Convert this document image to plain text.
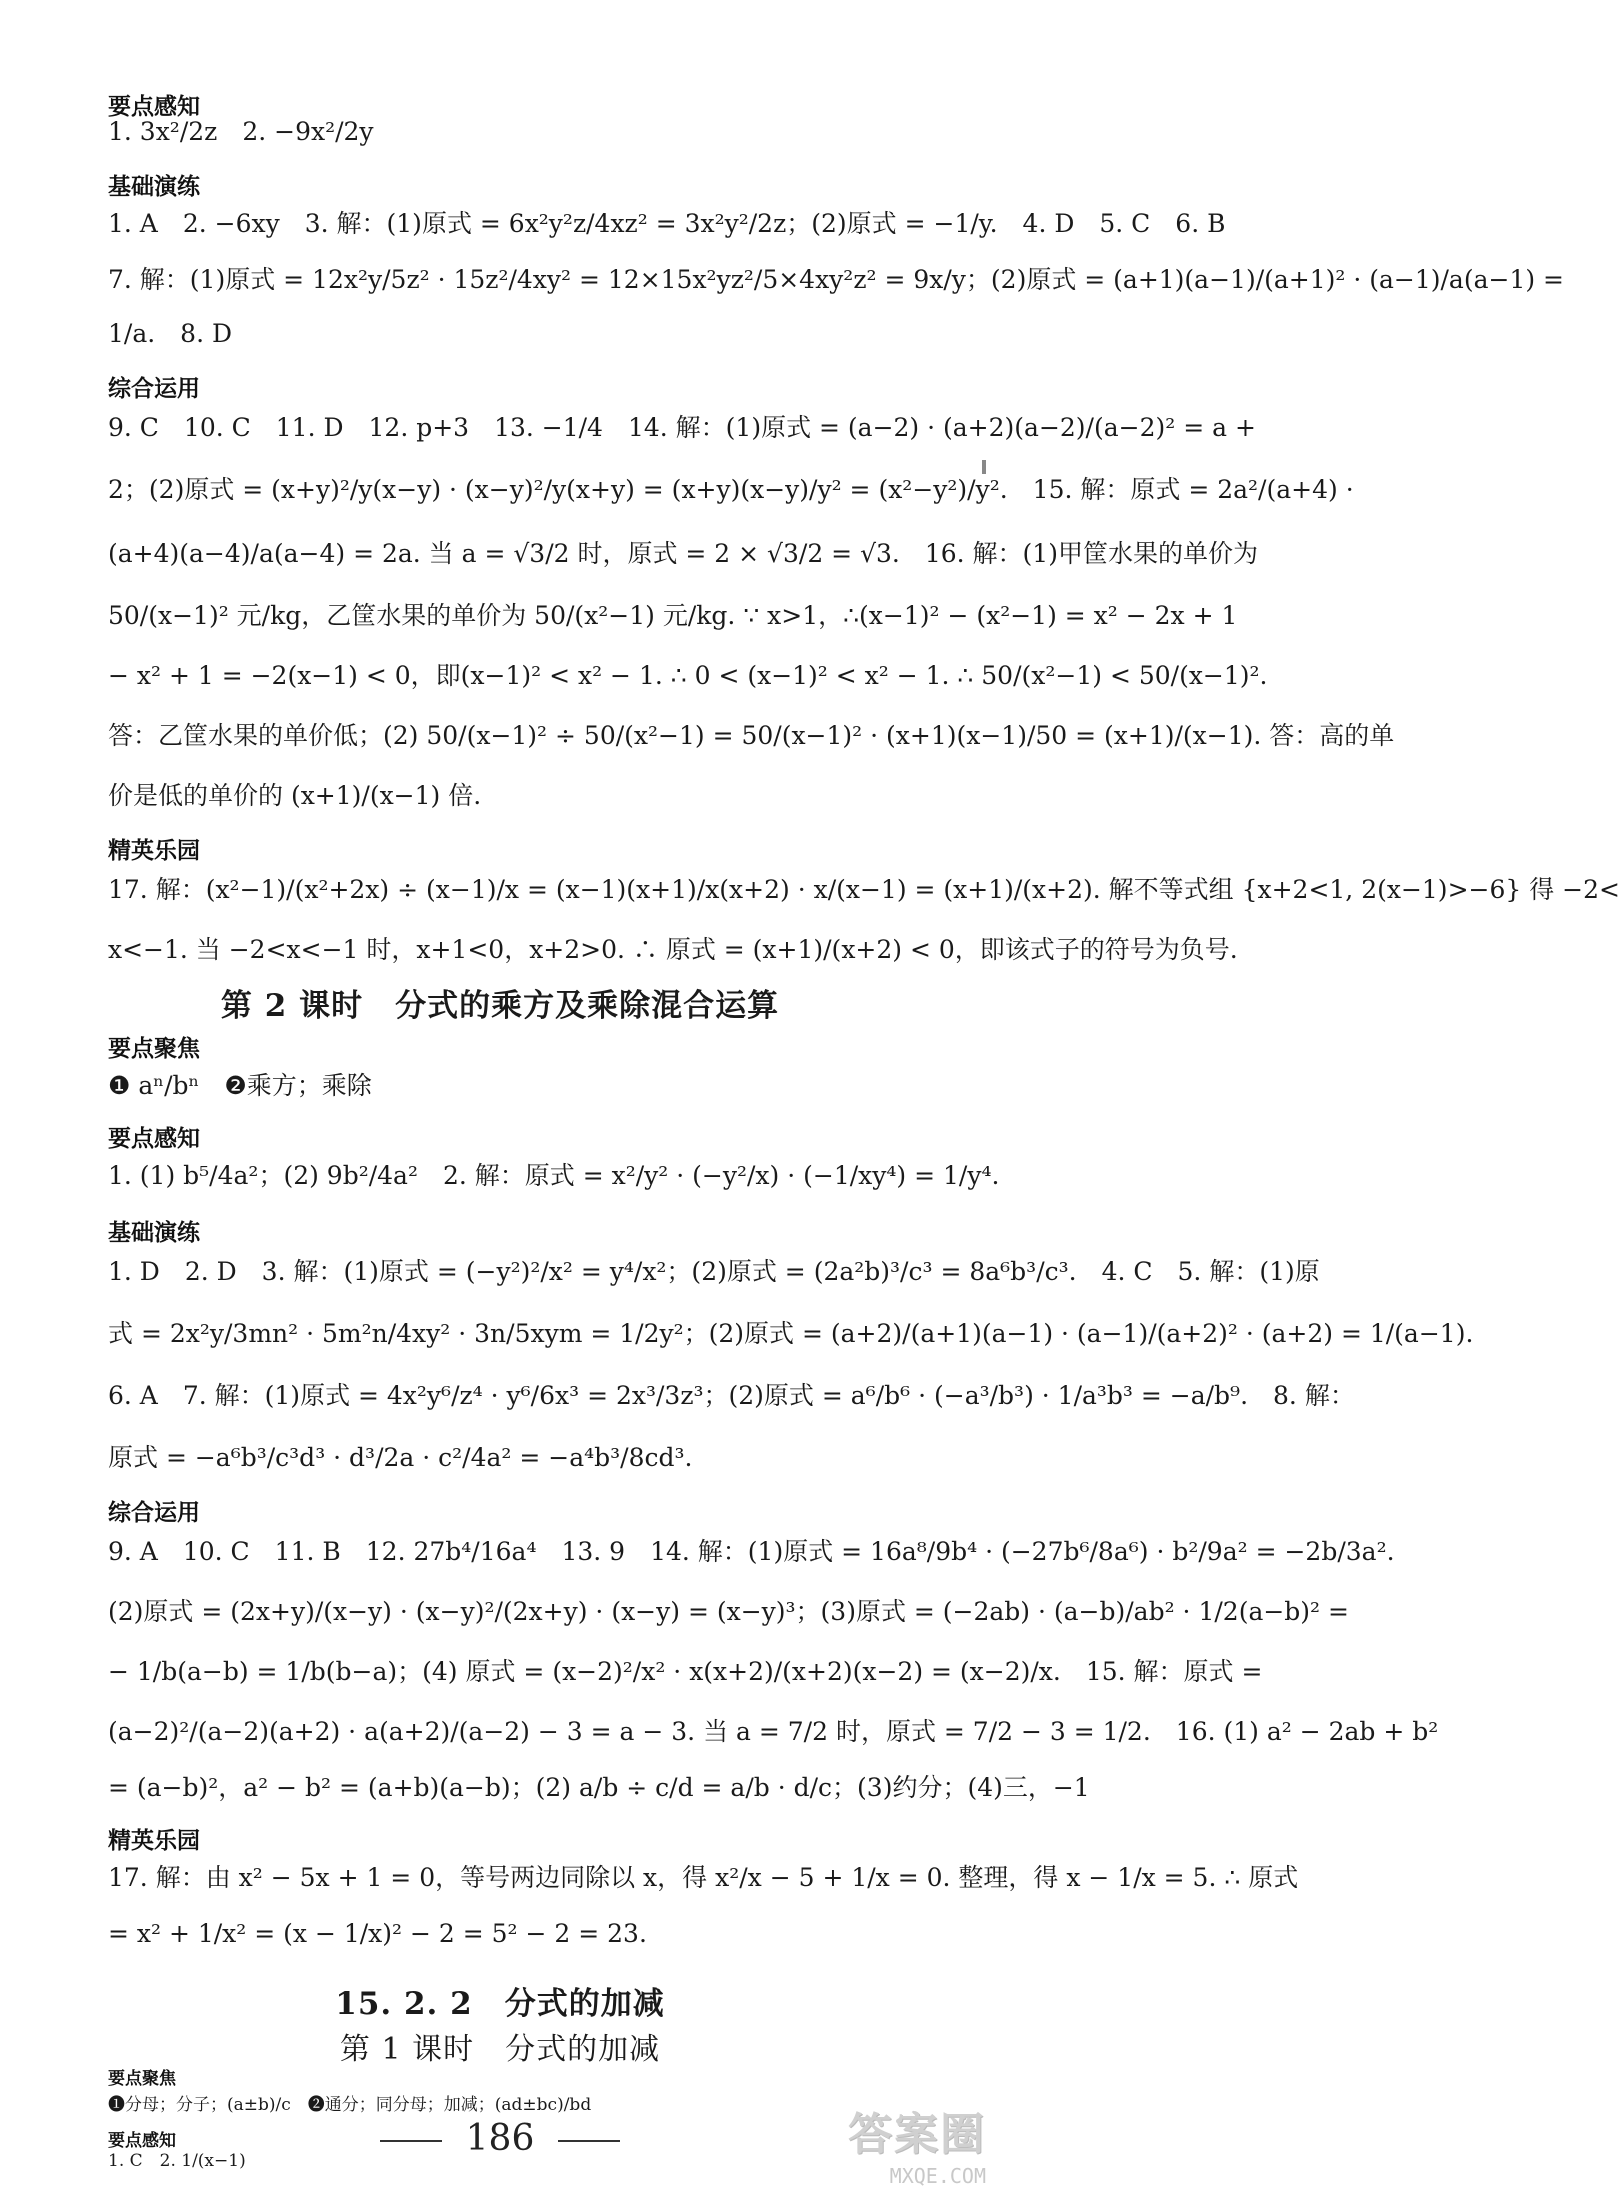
要点感知
1. 3x²/2z　2. −9x²/2y
基础演练
1. A　2. −6xy　3. 解：(1)原式 = 6x²y²z/4xz² = 3x²y²/2z；(2)原式 = −1/y.　4. D　5. C　6. B
7. 解：(1)原式 = 12x²y/5z² · 15z²/4xy² = 12×15x²yz²/5×4xy²z² = 9x/y；(2)原式 = (a+1)(a−1)/(a+1)² · (a−1)/a(a−1) =
1/a.　8. D
综合运用
9. C　10. C　11. D　12. p+3　13. −1/4　14. 解：(1)原式 = (a−2) · (a+2)(a−2)/(a−2)² = a +
2；(2)原式 = (x+y)²/y(x−y) · (x−y)²/y(x+y) = (x+y)(x−y)/y² = (x²−y²)/y².　15. 解：原式 = 2a²/(a+4) ·
(a+4)(a−4)/a(a−4) = 2a. 当 a = √3/2 时，原式 = 2 × √3/2 = √3.　16. 解：(1)甲筐水果的单价为
50/(x−1)² 元/kg，乙筐水果的单价为 50/(x²−1) 元/kg. ∵ x>1，∴(x−1)² − (x²−1) = x² − 2x + 1
− x² + 1 = −2(x−1) < 0，即(x−1)² < x² − 1. ∴ 0 < (x−1)² < x² − 1. ∴ 50/(x²−1) < 50/(x−1)².
答：乙筐水果的单价低；(2) 50/(x−1)² ÷ 50/(x²−1) = 50/(x−1)² · (x+1)(x−1)/50 = (x+1)/(x−1). 答：高的单
价是低的单价的 (x+1)/(x−1) 倍.
精英乐园
17. 解：(x²−1)/(x²+2x) ÷ (x−1)/x = (x−1)(x+1)/x(x+2) · x/(x−1) = (x+1)/(x+2). 解不等式组 {x+2<1, 2(x−1)>−6} 得 −2<
x<−1. 当 −2<x<−1 时，x+1<0，x+2>0. ∴ 原式 = (x+1)/(x+2) < 0，即该式子的符号为负号.
第 2 课时　分式的乘方及乘除混合运算
要点聚焦
❶ aⁿ/bⁿ　❷乘方；乘除
要点感知
1. (1) b⁵/4a²；(2) 9b²/4a²　2. 解：原式 = x²/y² · (−y²/x) · (−1/xy⁴) = 1/y⁴.
基础演练
1. D　2. D　3. 解：(1)原式 = (−y²)²/x² = y⁴/x²；(2)原式 = (2a²b)³/c³ = 8a⁶b³/c³.　4. C　5. 解：(1)原
式 = 2x²y/3mn² · 5m²n/4xy² · 3n/5xym = 1/2y²；(2)原式 = (a+2)/(a+1)(a−1) · (a−1)/(a+2)² · (a+2) = 1/(a−1).
6. A　7. 解：(1)原式 = 4x²y⁶/z⁴ · y⁶/6x³ = 2x³/3z³；(2)原式 = a⁶/b⁶ · (−a³/b³) · 1/a³b³ = −a/b⁹.　8. 解：
原式 = −a⁶b³/c³d³ · d³/2a · c²/4a² = −a⁴b³/8cd³.
综合运用
9. A　10. C　11. B　12. 27b⁴/16a⁴　13. 9　14. 解：(1)原式 = 16a⁸/9b⁴ · (−27b⁶/8a⁶) · b²/9a² = −2b/3a².
(2)原式 = (2x+y)/(x−y) · (x−y)²/(2x+y) · (x−y) = (x−y)³；(3)原式 = (−2ab) · (a−b)/ab² · 1/2(a−b)² =
− 1/b(a−b) = 1/b(b−a)；(4) 原式 = (x−2)²/x² · x(x+2)/(x+2)(x−2) = (x−2)/x.　15. 解：原式 =
(a−2)²/(a−2)(a+2) · a(a+2)/(a−2) − 3 = a − 3. 当 a = 7/2 时，原式 = 7/2 − 3 = 1/2.　16. (1) a² − 2ab + b²
= (a−b)²，a² − b² = (a+b)(a−b)；(2) a/b ÷ c/d = a/b · d/c；(3)约分；(4)三，−1
精英乐园
17. 解：由 x² − 5x + 1 = 0，等号两边同除以 x，得 x²/x − 5 + 1/x = 0. 整理，得 x − 1/x = 5. ∴ 原式
= x² + 1/x² = (x − 1/x)² − 2 = 5² − 2 = 23.
15. 2. 2　分式的加减
第 1 课时　分式的加减
要点聚焦
❶分母；分子；(a±b)/c　❷通分；同分母；加减；(ad±bc)/bd
要点感知
1. C　2. 1/(x−1)
186	答案圈
MXQE.COM
